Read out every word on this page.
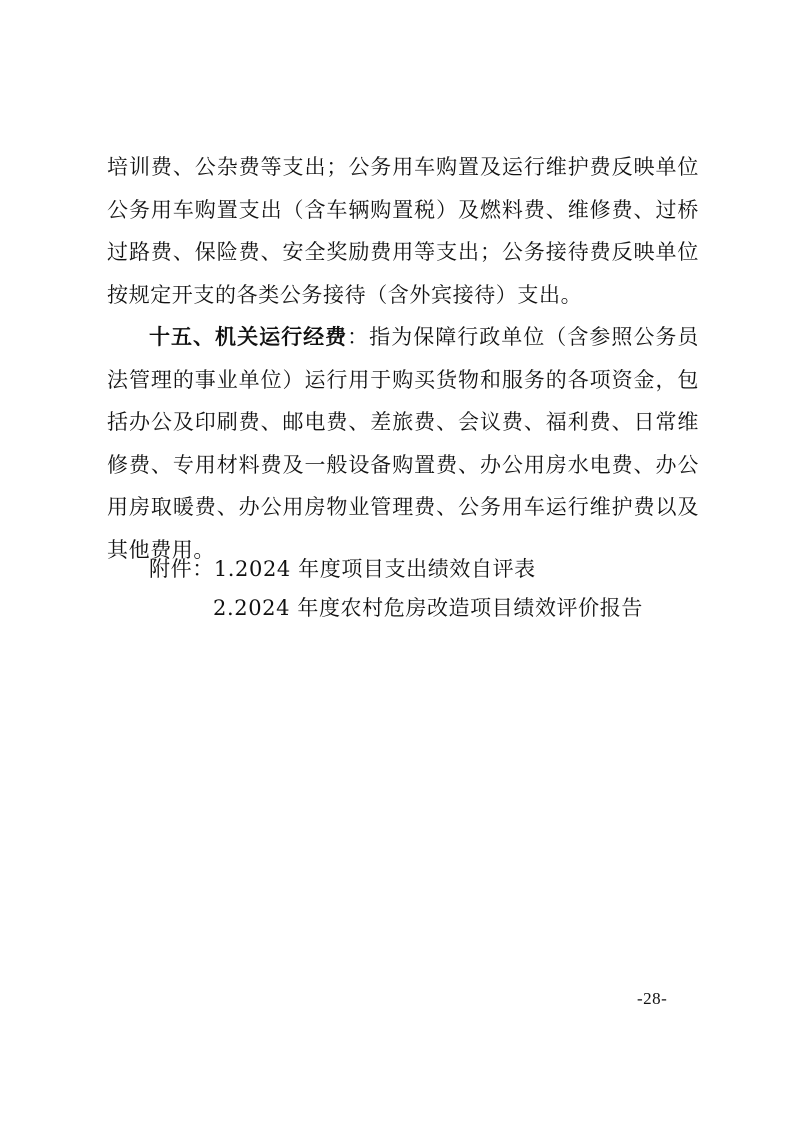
培训费、公杂费等支出；公务用车购置及运行维护费反映单位公务用车购置支出（含车辆购置税）及燃料费、维修费、过桥过路费、保险费、安全奖励费用等支出；公务接待费反映单位按规定开支的各类公务接待（含外宾接待）支出。

十五、机关运行经费：指为保障行政单位（含参照公务员法管理的事业单位）运行用于购买货物和服务的各项资金，包括办公及印刷费、邮电费、差旅费、会议费、福利费、日常维修费、专用材料费及一般设备购置费、办公用房水电费、办公用房取暖费、办公用房物业管理费、公务用车运行维护费以及其他费用。

附件：1.2024 年度项目支出绩效自评表

2.2024 年度农村危房改造项目绩效评价报告

-28-
